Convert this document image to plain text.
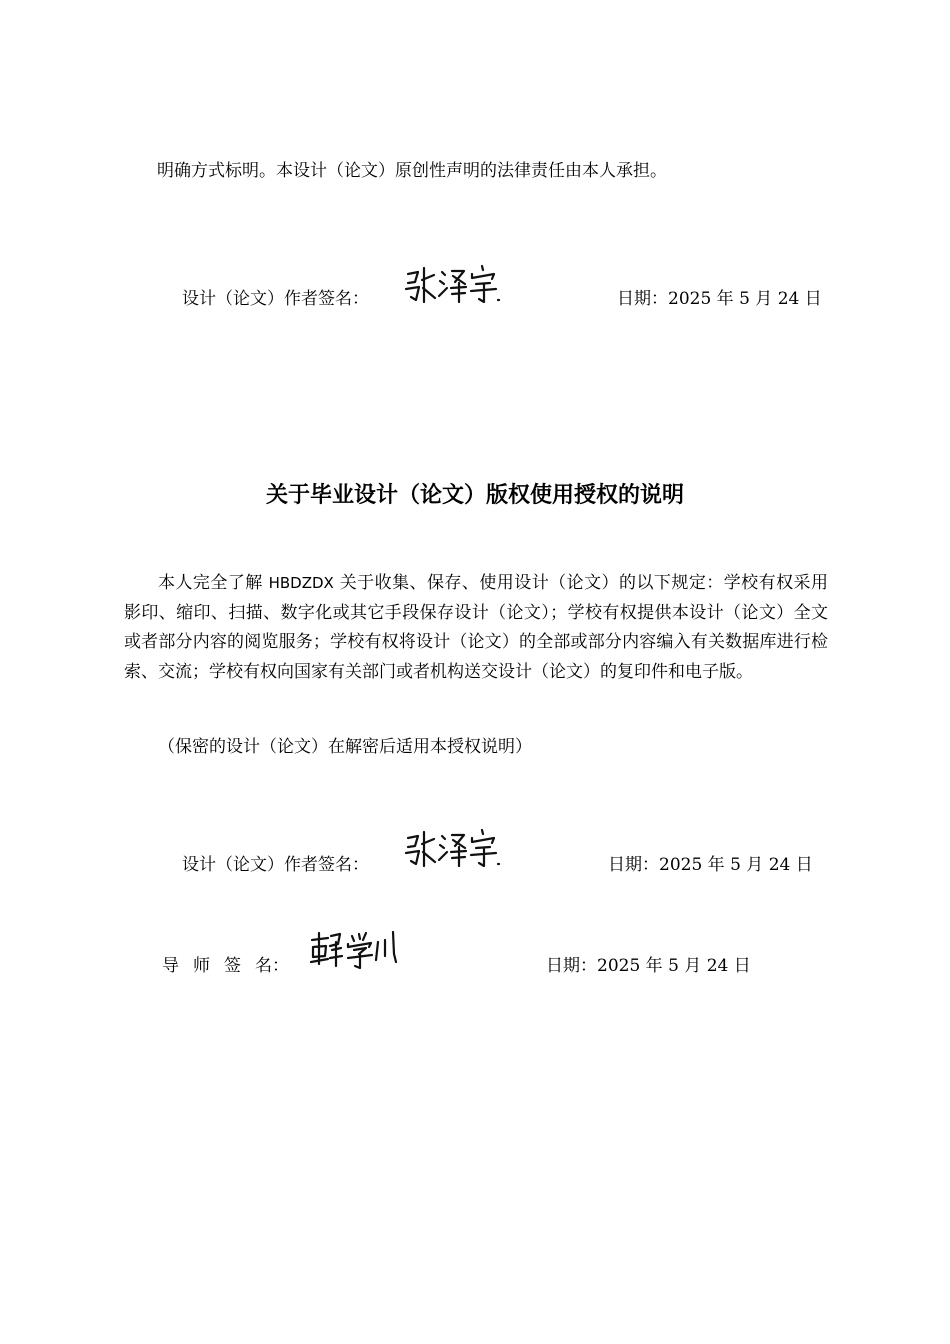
明确方式标明。本设计（论文）原创性声明的法律责任由本人承担。
设计（论文）作者签名：	日期：2025 年 5 月 24 日
关于毕业设计（论文）版权使用授权的说明
本人完全了解 HBDZDX 关于收集、保存、使用设计（论文）的以下规定：学校有权采用影印、缩印、扫描、数字化或其它手段保存设计（论文）；学校有权提供本设计（论文）全文或者部分内容的阅览服务；学校有权将设计（论文）的全部或部分内容编入有关数据库进行检索、交流；学校有权向国家有关部门或者机构送交设计（论文）的复印件和电子版。
（保密的设计（论文）在解密后适用本授权说明）
设计（论文）作者签名：	日期：2025 年 5 月 24 日
导 师 签 名：	日期：2025 年 5 月 24 日
